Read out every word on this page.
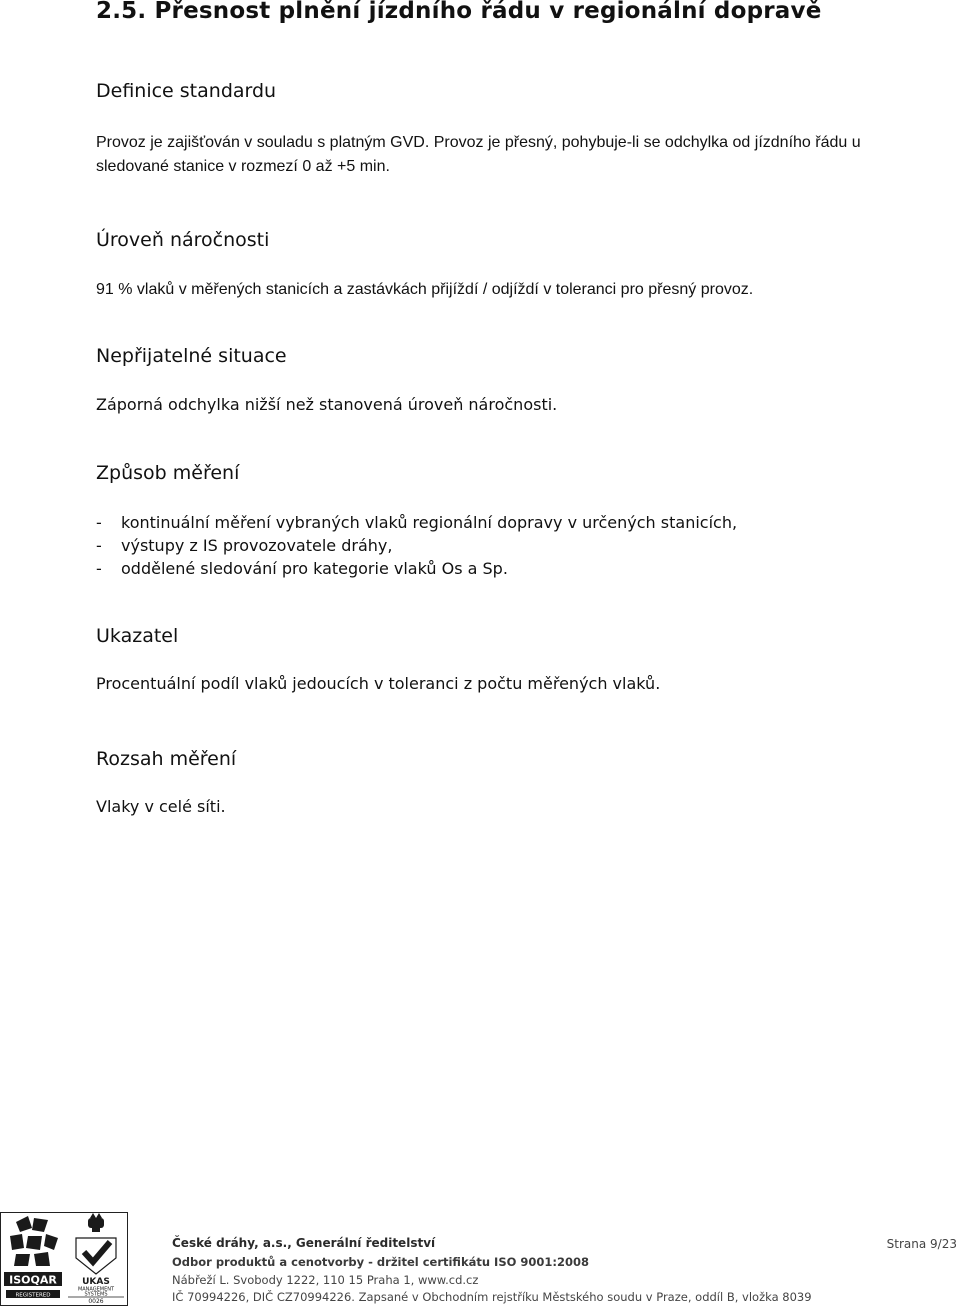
2.5. Přesnost plnění jízdního řádu v regionální dopravě
Definice standardu
Provoz je zajišťován v souladu s platným GVD. Provoz je přesný, pohybuje-li se odchylka od jízdního řádu u
sledované stanice v rozmezí 0 až +5 min.
Úroveň náročnosti
91 % vlaků v měřených stanicích a zastávkách přijíždí / odjíždí v toleranci pro přesný provoz.
Nepřijatelné situace
Záporná odchylka nižší než stanovená úroveň náročnosti.
Způsob měření
-	kontinuální měření vybraných vlaků regionální dopravy v určených stanicích,
-	výstupy z IS provozovatele dráhy,
-	oddělené sledování pro kategorie vlaků Os a Sp.
Ukazatel
Procentuální podíl vlaků jedoucích v toleranci z počtu měřených vlaků.
Rozsah měření
Vlaky v celé síti.
ISOQAR
REGISTERED
UKAS
MANAGEMENT
SYSTEMS
0026
České dráhy, a.s., Generální ředitelství
Odbor produktů a cenotvorby - držitel certifikátu ISO 9001:2008
Nábřeží L. Svobody 1222, 110 15 Praha 1, www.cd.cz
IČ 70994226, DIČ CZ70994226. Zapsané v Obchodním rejstříku Městského soudu v Praze, oddíl B, vložka 8039
Strana 9/23
